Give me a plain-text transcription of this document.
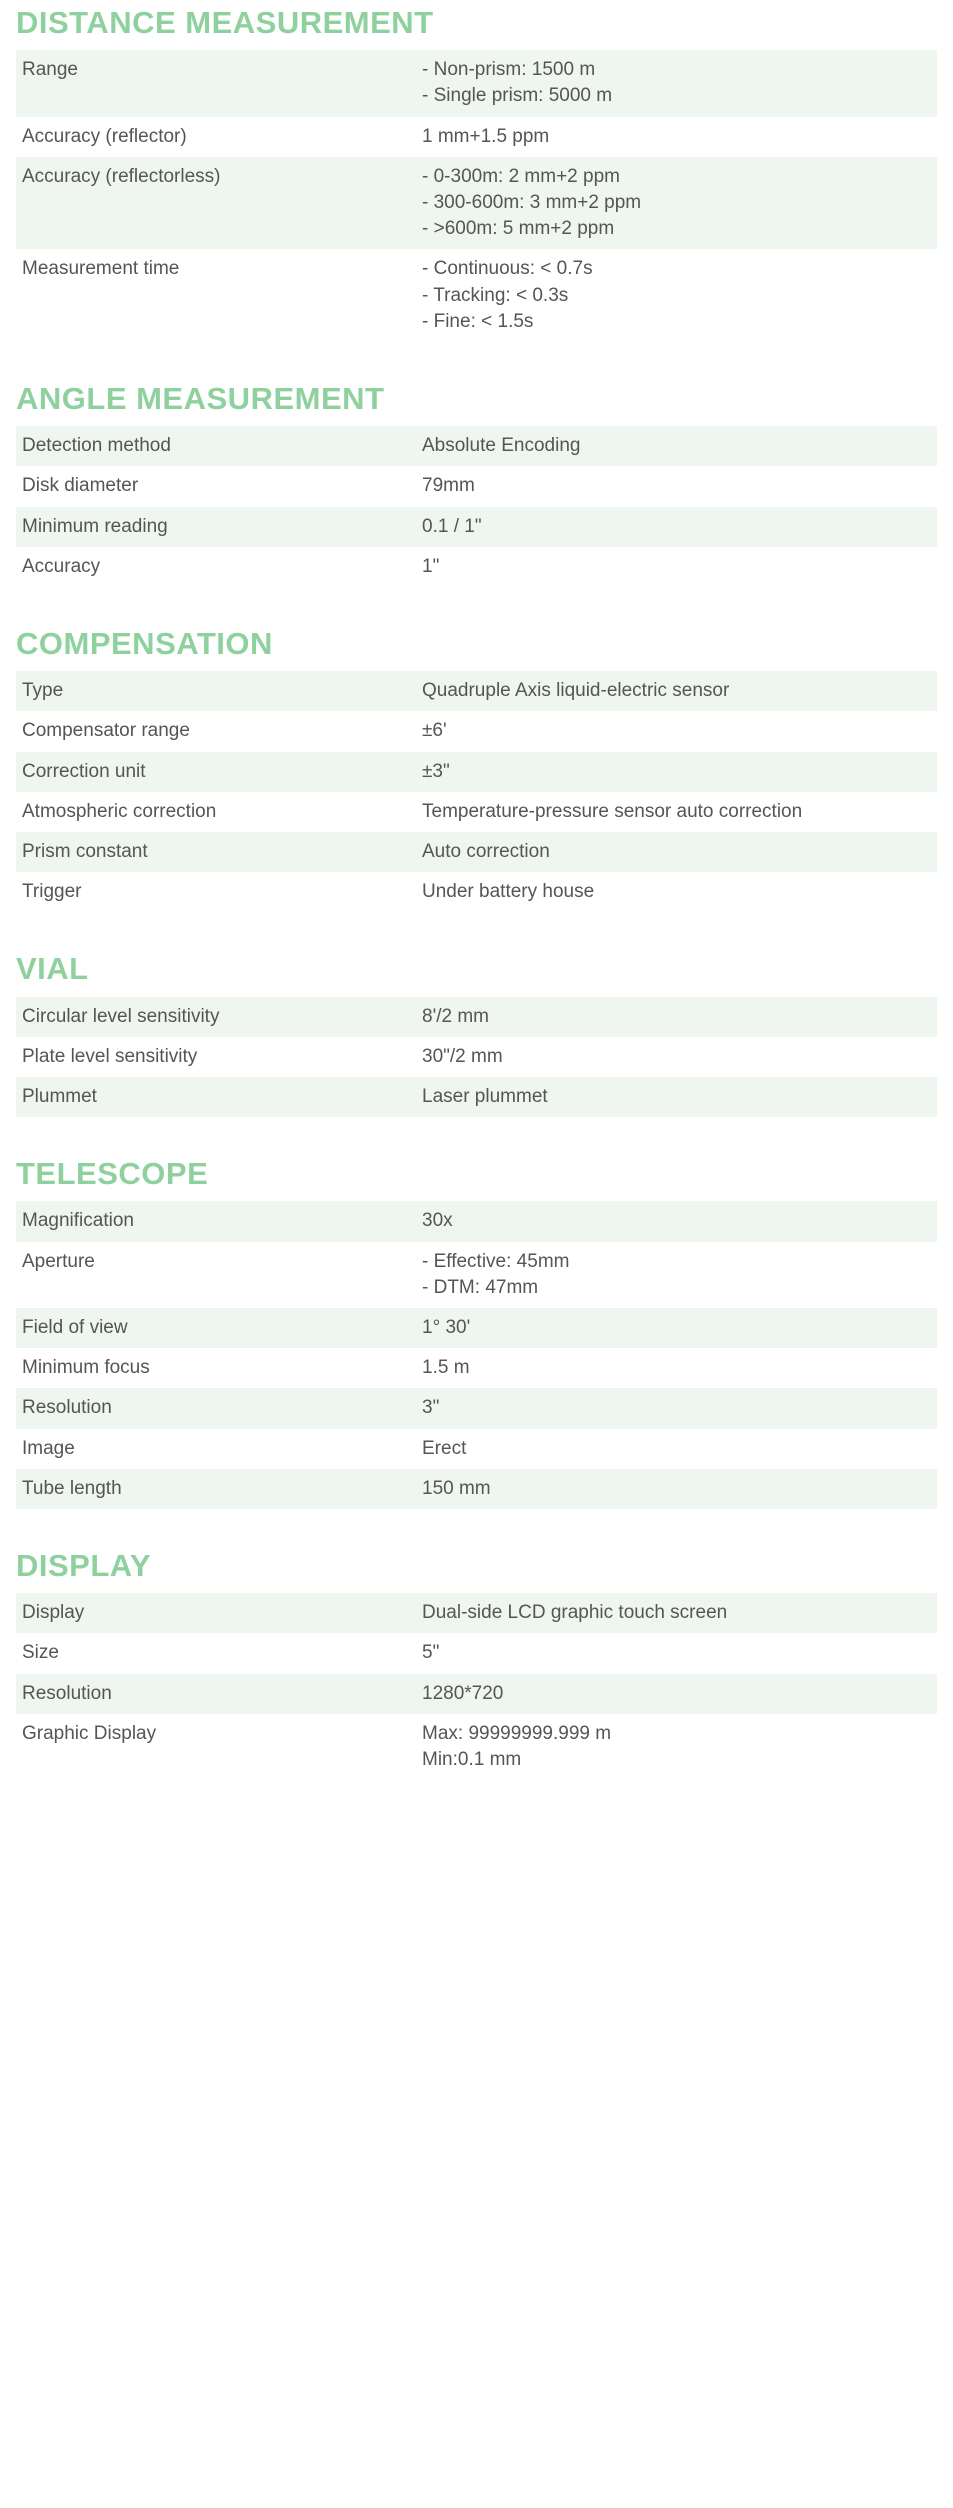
DISTANCE MEASUREMENT
Range	- Non-prism: 1500 m
- Single prism: 5000 m

Accuracy (reflector)	1 mm+1.5 ppm

Accuracy (reflectorless)	- 0-300m: 2 mm+2 ppm
- 300-600m: 3 mm+2 ppm
- >600m: 5 mm+2 ppm

Measurement time	- Continuous: < 0.7s
- Tracking: < 0.3s
- Fine: < 1.5s
ANGLE MEASUREMENT
Detection method	Absolute Encoding

Disk diameter	79mm

Minimum reading	0.1 / 1"

Accuracy	1"
COMPENSATION
Type	Quadruple Axis liquid-electric sensor

Compensator range	±6'

Correction unit	±3"

Atmospheric correction	Temperature-pressure sensor auto correction

Prism constant	Auto correction

Trigger	Under battery house
VIAL
Circular level sensitivity	8'/2 mm

Plate level sensitivity	30"/2 mm

Plummet	Laser plummet
TELESCOPE
Magnification	30x

Aperture	- Effective: 45mm
- DTM: 47mm

Field of view	1° 30'

Minimum focus	1.5 m

Resolution	3"

Image	Erect

Tube length	150 mm
DISPLAY
Display	Dual-side LCD graphic touch screen

Size	5"

Resolution	1280*720

Graphic Display	Max: 99999999.999 m
Min:0.1 mm
